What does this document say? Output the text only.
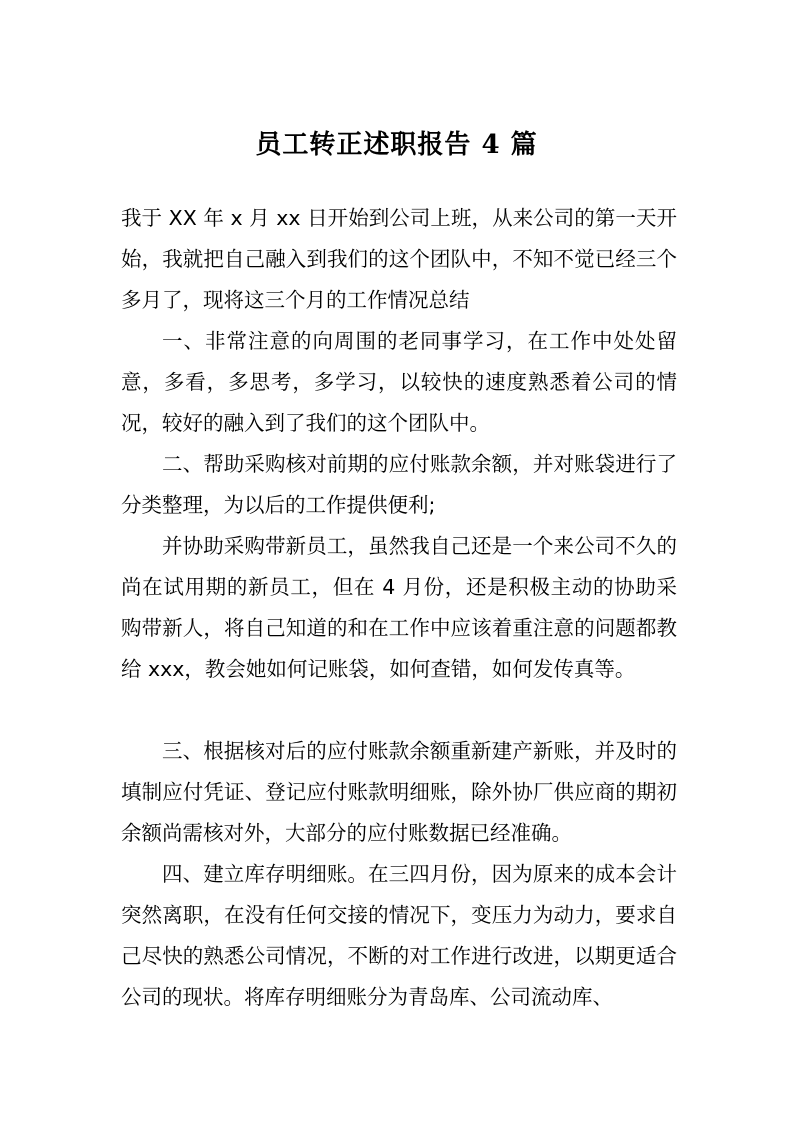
员工转正述职报告 4 篇

我于 XX 年 x 月 xx 日开始到公司上班，从来公司的第一天开始，我就把自己融入到我们的这个团队中，不知不觉已经三个多月了，现将这三个月的工作情况总结

一、非常注意的向周围的老同事学习，在工作中处处留意，多看，多思考，多学习，以较快的速度熟悉着公司的情况，较好的融入到了我们的这个团队中。

二、帮助采购核对前期的应付账款余额，并对账袋进行了分类整理，为以后的工作提供便利;

并协助采购带新员工，虽然我自己还是一个来公司不久的尚在试用期的新员工，但在 4 月份，还是积极主动的协助采购带新人，将自己知道的和在工作中应该着重注意的问题都教给 xxx，教会她如何记账袋，如何查错，如何发传真等。

三、根据核对后的应付账款余额重新建产新账，并及时的填制应付凭证、登记应付账款明细账，除外协厂供应商的期初余额尚需核对外，大部分的应付账数据已经准确。

四、建立库存明细账。在三四月份，因为原来的成本会计突然离职，在没有任何交接的情况下，变压力为动力，要求自己尽快的熟悉公司情况，不断的对工作进行改进，以期更适合公司的现状。将库存明细账分为青岛库、公司流动库、
